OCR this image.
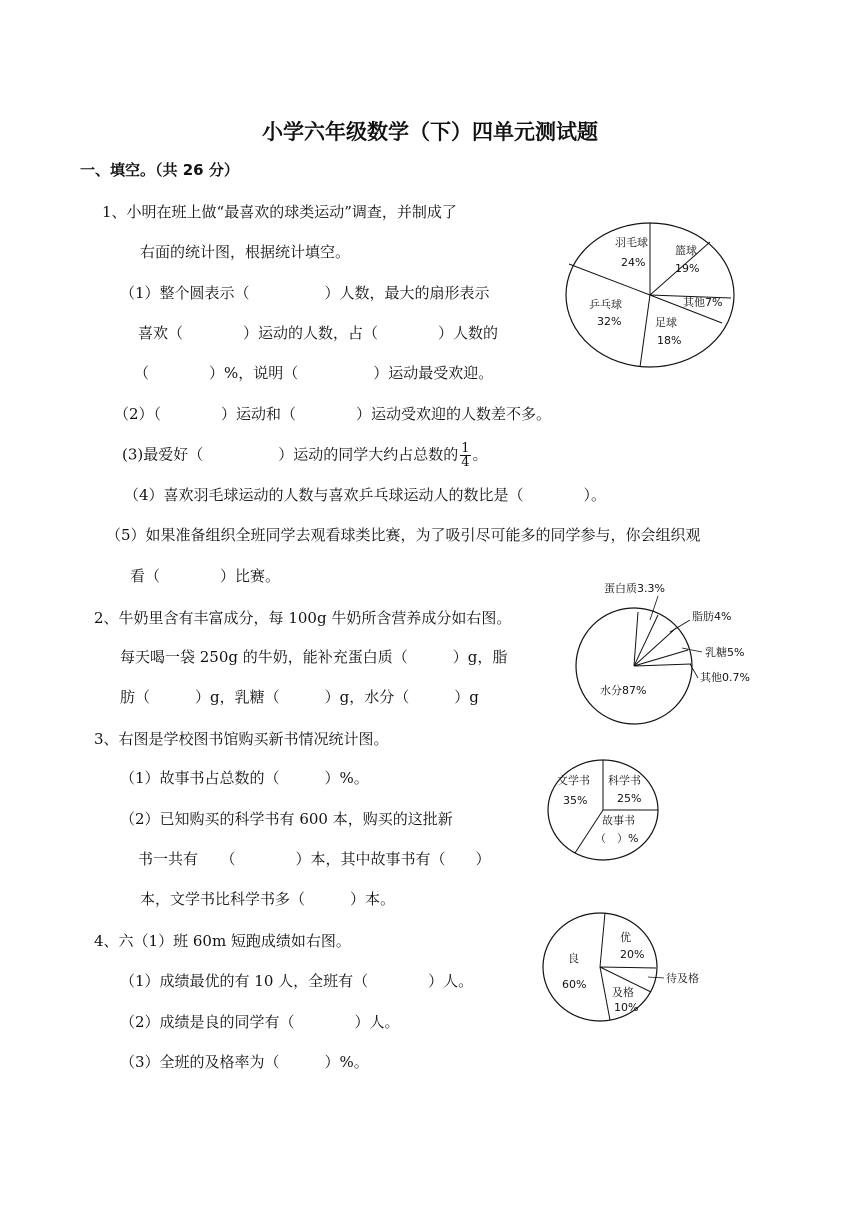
小学六年级数学（下）四单元测试题
一、填空。（共 26 分）
1、小明在班上做“最喜欢的球类运动”调查，并制成了
右面的统计图，根据统计填空。
（1）整个圆表示（　　　　　）人数，最大的扇形表示
喜欢（　　　　）运动的人数，占（　　　　）人数的
（　　　　）%，说明（　　　　　）运动最受欢迎。
（2）（　　　　）运动和（　　　　）运动受欢迎的人数差不多。
(3)最爱好（　　　　　）运动的同学大约占总数的 $\frac{1}{4}$ 。
（4）喜欢羽毛球运动的人数与喜欢乒乓球运动人的数比是（　　　　）。
（5）如果准备组织全班同学去观看球类比赛，为了吸引尽可能多的同学参与，你会组织观
看（　　　　）比赛。
羽毛球
24%
篮球
19%
其他7%
足球
18%
乒乓球
32%
2、牛奶里含有丰富成分，每 100g 牛奶所含营养成分如右图。
每天喝一袋 250g 的牛奶，能补充蛋白质（　　　）g，脂
肪（　　　）g，乳糖（　　　）g，水分（　　　）g
蛋白质3.3%
脂肪4%
乳糖5%
其他0.7%
水分87%
3、右图是学校图书馆购买新书情况统计图。
（1）故事书占总数的（　　　）%。
（2）已知购买的科学书有 600 本，购买的这批新
书一共有　　（　　　　）本，其中故事书有（　　）
本，文学书比科学书多（　　　）本。
文学书
35%
科学书
25%
故事书
（　）%
4、六（1）班 60m 短跑成绩如右图。
（1）成绩最优的有 10 人，全班有（　　　　）人。
（2）成绩是良的同学有（　　　　）人。
（3）全班的及格率为（　　　）%。
良
60%
优
20%
及格
10%
待及格
